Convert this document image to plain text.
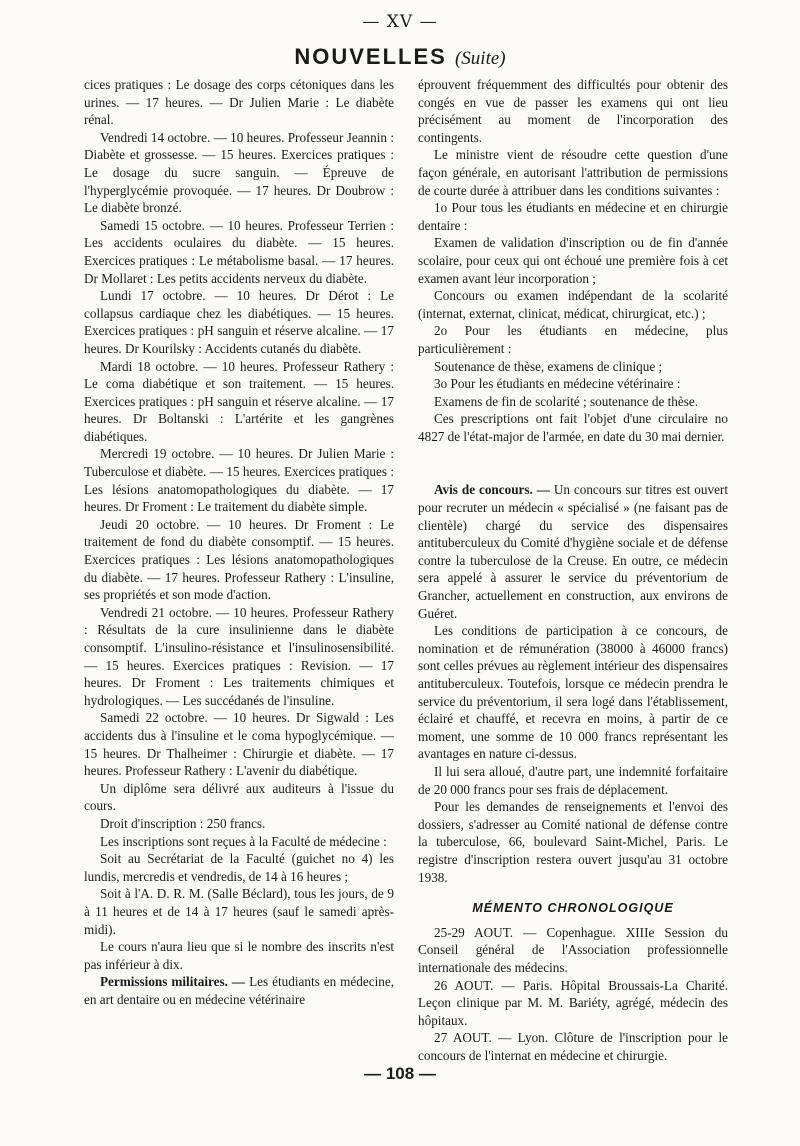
— XV —
NOUVELLES (Suite)

cices pratiques : Le dosage des corps cétoniques dans les urines. — 17 heures. — Dr Julien Marie : Le diabète rénal.

Vendredi 14 octobre. — 10 heures. Professeur Jeannin : Diabète et grossesse. — 15 heures. Exercices pratiques : Le dosage du sucre sanguin. — Épreuve de l'hyperglycémie provoquée. — 17 heures. Dr Doubrow : Le diabète bronzé.

Samedi 15 octobre. — 10 heures. Professeur Terrien : Les accidents oculaires du diabète. — 15 heures. Exercices pratiques : Le métabolisme basal. — 17 heures. Dr Mollaret : Les petits accidents nerveux du diabète.

Lundi 17 octobre. — 10 heures. Dr Dérot : Le collapsus cardiaque chez les diabétiques. — 15 heures. Exercices pratiques : pH sanguin et réserve alcaline. — 17 heures. Dr Kourilsky : Accidents cutanés du diabète.

Mardi 18 octobre. — 10 heures. Professeur Rathery : Le coma diabétique et son traitement. — 15 heures. Exercices pratiques : pH sanguin et réserve alcaline. — 17 heures. Dr Boltanski : L'artérite et les gangrènes diabétiques.

Mercredi 19 octobre. — 10 heures. Dr Julien Marie : Tuberculose et diabète. — 15 heures. Exercices pratiques : Les lésions anatomopathologiques du diabète. — 17 heures. Dr Froment : Le traitement du diabète simple.

Jeudi 20 octobre. — 10 heures. Dr Froment : Le traitement de fond du diabète consomptif. — 15 heures. Exercices pratiques : Les lésions anatomopathologiques du diabète. — 17 heures. Professeur Rathery : L'insuline, ses propriétés et son mode d'action.

Vendredi 21 octobre. — 10 heures. Professeur Rathery : Résultats de la cure insulinienne dans le diabète consomptif. L'insulino-résistance et l'insulinosensibilité. — 15 heures. Exercices pratiques : Revision. — 17 heures. Dr Froment : Les traitements chimiques et hydrologiques. — Les succédanés de l'insuline.

Samedi 22 octobre. — 10 heures. Dr Sigwald : Les accidents dus à l'insuline et le coma hypoglycémique. — 15 heures. Dr Thalheimer : Chirurgie et diabète. — 17 heures. Professeur Rathery : L'avenir du diabétique.

Un diplôme sera délivré aux auditeurs à l'issue du cours.

Droit d'inscription : 250 francs.

Les inscriptions sont reçues à la Faculté de médecine :

Soit au Secrétariat de la Faculté (guichet no 4) les lundis, mercredis et vendredis, de 14 à 16 heures ;

Soit à l'A. D. R. M. (Salle Béclard), tous les jours, de 9 à 11 heures et de 14 à 17 heures (sauf le samedi après-midi).

Le cours n'aura lieu que si le nombre des inscrits n'est pas inférieur à dix.

Permissions militaires. — Les étudiants en médecine, en art dentaire ou en médecine vétérinaire

éprouvent fréquemment des difficultés pour obtenir des congés en vue de passer les examens qui ont lieu précisément au moment de l'incorporation des contingents.

Le ministre vient de résoudre cette question d'une façon générale, en autorisant l'attribution de permissions de courte durée à attribuer dans les conditions suivantes :

1o Pour tous les étudiants en médecine et en chirurgie dentaire :

Examen de validation d'inscription ou de fin d'année scolaire, pour ceux qui ont échoué une première fois à cet examen avant leur incorporation ;

Concours ou examen indépendant de la scolarité (internat, externat, clinicat, médicat, chirurgicat, etc.) ;

2o Pour les étudiants en médecine, plus particulièrement :

Soutenance de thèse, examens de clinique ;

3o Pour les étudiants en médecine vétérinaire :

Examens de fin de scolarité ; soutenance de thèse.

Ces prescriptions ont fait l'objet d'une circulaire no 4827 de l'état-major de l'armée, en date du 30 mai dernier.

Avis de concours. — Un concours sur titres est ouvert pour recruter un médecin « spécialisé » (ne faisant pas de clientèle) chargé du service des dispensaires antituberculeux du Comité d'hygiène sociale et de défense contre la tuberculose de la Creuse. En outre, ce médecin sera appelé à assurer le service du préventorium de Grancher, actuellement en construction, aux environs de Guéret.

Les conditions de participation à ce concours, de nomination et de rémunération (38000 à 46000 francs) sont celles prévues au règlement intérieur des dispensaires antituberculeux. Toutefois, lorsque ce médecin prendra le service du préventorium, il sera logé dans l'établissement, éclairé et chauffé, et recevra en moins, à partir de ce moment, une somme de 10 000 francs représentant les avantages en nature ci-dessus.

Il lui sera alloué, d'autre part, une indemnité forfaitaire de 20 000 francs pour ses frais de déplacement.

Pour les demandes de renseignements et l'envoi des dossiers, s'adresser au Comité national de défense contre la tuberculose, 66, boulevard Saint-Michel, Paris. Le registre d'inscription restera ouvert jusqu'au 31 octobre 1938.

MÉMENTO CHRONOLOGIQUE

25-29 AOUT. — Copenhague. XIIIe Session du Conseil général de l'Association professionnelle internationale des médecins.

26 AOUT. — Paris. Hôpital Broussais-La Charité. Leçon clinique par M. M. Bariéty, agrégé, médecin des hôpitaux.

27 AOUT. — Lyon. Clôture de l'inscription pour le concours de l'internat en médecine et chirurgie.

— 108 —
